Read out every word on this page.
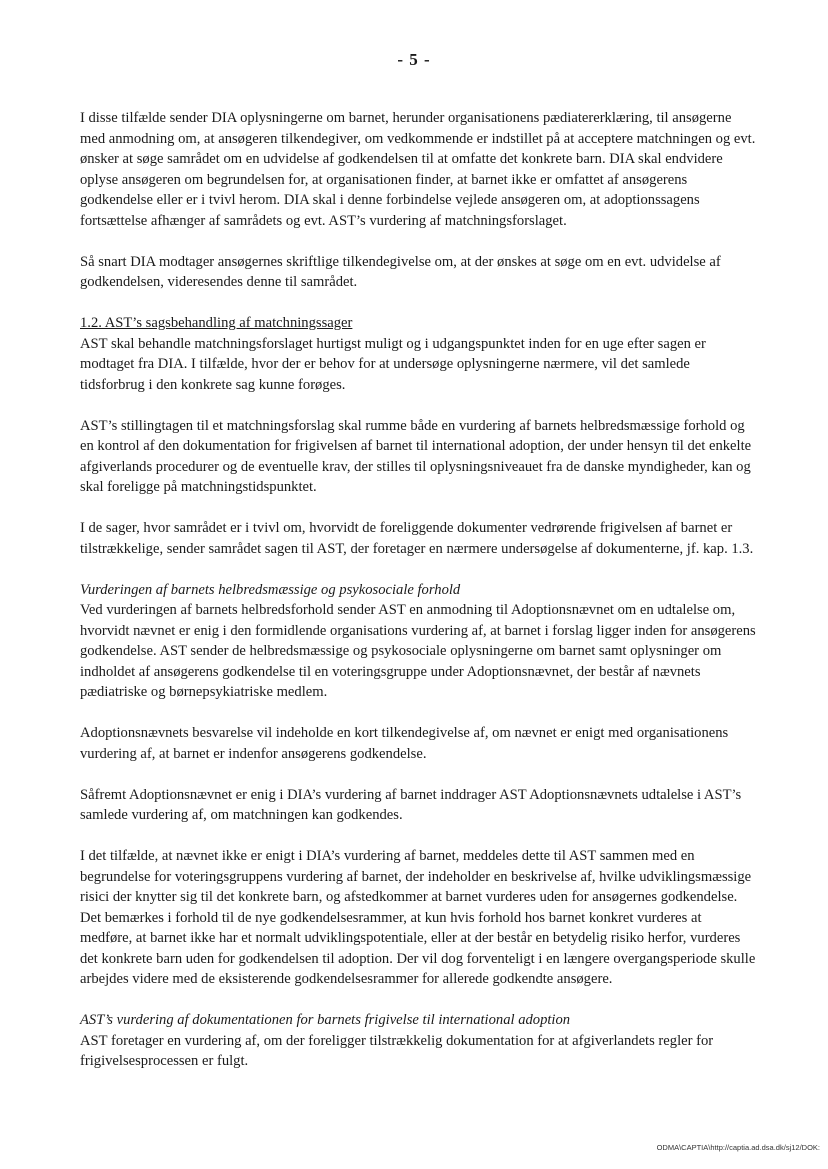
- 5 -

I disse tilfælde sender DIA oplysningerne om barnet, herunder organisationens pædiatererklæring, til ansøgerne med anmodning om, at ansøgeren tilkendegiver, om vedkommende er indstillet på at acceptere matchningen og evt. ønsker at søge samrådet om en udvidelse af godkendelsen til at omfatte det konkrete barn. DIA skal endvidere oplyse ansøgeren om begrundelsen for, at organisationen finder, at barnet ikke er omfattet af ansøgerens godkendelse eller er i tvivl herom. DIA skal i denne forbindelse vejlede ansøgeren om, at adoptionssagens fortsættelse afhænger af samrådets og evt. AST’s vurdering af matchningsforslaget.

Så snart DIA modtager ansøgernes skriftlige tilkendegivelse om, at der ønskes at søge om en evt. udvidelse af godkendelsen, videresendes denne til samrådet.

1.2. AST’s sagsbehandling af matchningssager

AST skal behandle matchningsforslaget hurtigst muligt og i udgangspunktet inden for en uge efter sagen er modtaget fra DIA. I tilfælde, hvor der er behov for at undersøge oplysningerne nærmere, vil det samlede tidsforbrug i den konkrete sag kunne forøges.

AST’s stillingtagen til et matchningsforslag skal rumme både en vurdering af barnets helbredsmæssige forhold og en kontrol af den dokumentation for frigivelsen af barnet til international adoption, der under hensyn til det enkelte afgiverlands procedurer og de eventuelle krav, der stilles til oplysningsniveauet fra de danske myndigheder, kan og skal foreligge på matchningstidspunktet.

I de sager, hvor samrådet er i tvivl om, hvorvidt de foreliggende dokumenter vedrørende frigivelsen af barnet er tilstrækkelige, sender samrådet sagen til AST, der foretager en nærmere undersøgelse af dokumenterne, jf. kap. 1.3.

Vurderingen af barnets helbredsmæssige og psykosociale forhold

Ved vurderingen af barnets helbredsforhold sender AST en anmodning til Adoptionsnævnet om en udtalelse om, hvorvidt nævnet er enig i den formidlende organisations vurdering af, at barnet i forslag ligger inden for ansøgerens godkendelse. AST sender de helbredsmæssige og psykosociale oplysningerne om barnet samt oplysninger om indholdet af ansøgerens godkendelse til en voteringsgruppe under Adoptionsnævnet, der består af nævnets pædiatriske og børnepsykiatriske medlem.

Adoptionsnævnets besvarelse vil indeholde en kort tilkendegivelse af, om nævnet er enigt med organisationens vurdering af, at barnet er indenfor ansøgerens godkendelse.

Såfremt Adoptionsnævnet er enig i DIA’s vurdering af barnet inddrager AST Adoptionsnævnets udtalelse i AST’s samlede vurdering af, om matchningen kan godkendes.

I det tilfælde, at nævnet ikke er enigt i DIA’s vurdering af barnet, meddeles dette til AST sammen med en begrundelse for voteringsgruppens vurdering af barnet, der indeholder en beskrivelse af, hvilke udviklingsmæssige risici der knytter sig til det konkrete barn, og afstedkommer at barnet vurderes uden for ansøgernes godkendelse. Det bemærkes i forhold til de nye godkendelsesrammer, at kun hvis forhold hos barnet konkret vurderes at medføre, at barnet ikke har et normalt udviklingspotentiale, eller at der består en betydelig risiko herfor, vurderes det konkrete barn uden for godkendelsen til adoption. Der vil dog forventeligt i en længere overgangsperiode skulle arbejdes videre med de eksisterende godkendelsesrammer for allerede godkendte ansøgere.

AST’s vurdering af dokumentationen for barnets frigivelse til international adoption

AST foretager en vurdering af, om der foreligger tilstrækkelig dokumentation for at afgiverlandets regler for frigivelsesprocessen er fulgt.

ODMA\CAPTIA\http://captia.ad.dsa.dk/sj12/DOK:
